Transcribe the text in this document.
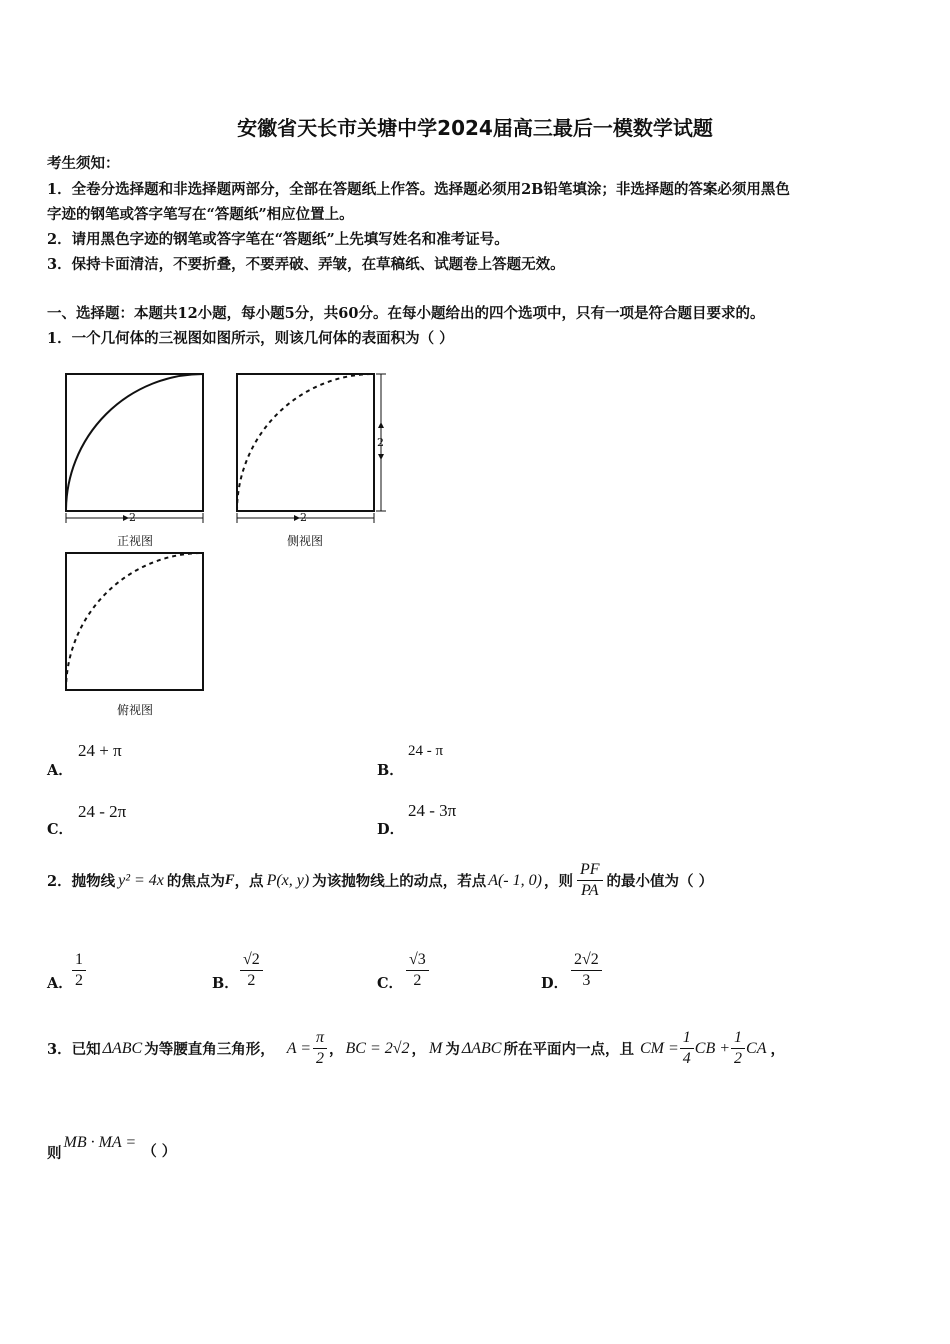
安徽省天长市关塘中学2024届高三最后一模数学试题
考生须知：
1．全卷分选择题和非选择题两部分，全部在答题纸上作答。选择题必须用2B铅笔填涂；非选择题的答案必须用黑色
字迹的钢笔或答字笔写在“答题纸”相应位置上。
2．请用黑色字迹的钢笔或答字笔在“答题纸”上先填写姓名和准考证号。
3．保持卡面清洁，不要折叠，不要弄破、弄皱，在草稿纸、试题卷上答题无效。
一、选择题：本题共12小题，每小题5分，共60分。在每小题给出的四个选项中，只有一项是符合题目要求的。
1．一个几何体的三视图如图所示，则该几何体的表面积为（ ）
2
正视图
2
2
侧视图
俯视图
A．
24 + π
B．
24 - π
C．
24 - 2π
D．
24 - 3π
2． 抛物线 y² = 4x 的焦点为 F ，点 P(x, y) 为该抛物线上的动点，若点 A(- 1, 0) ，则 $\frac{PF}{PA}$ 的最小值为（ ）
A． $\frac{1}{2}$	B． $\frac{√2}{2}$	C． $\frac{√3}{2}$	D． $\frac{2√2}{3}$
3． 已知 ΔABC 为等腰直角三角形， $A = \frac{\pi}{2}$ ， BC = 2√2 ， M 为 ΔABC 所在平面内一点，且 CM = $\frac{1}{4}$ CB + $\frac{1}{2}$ CA ，
则
MB · MA =
（ ）
